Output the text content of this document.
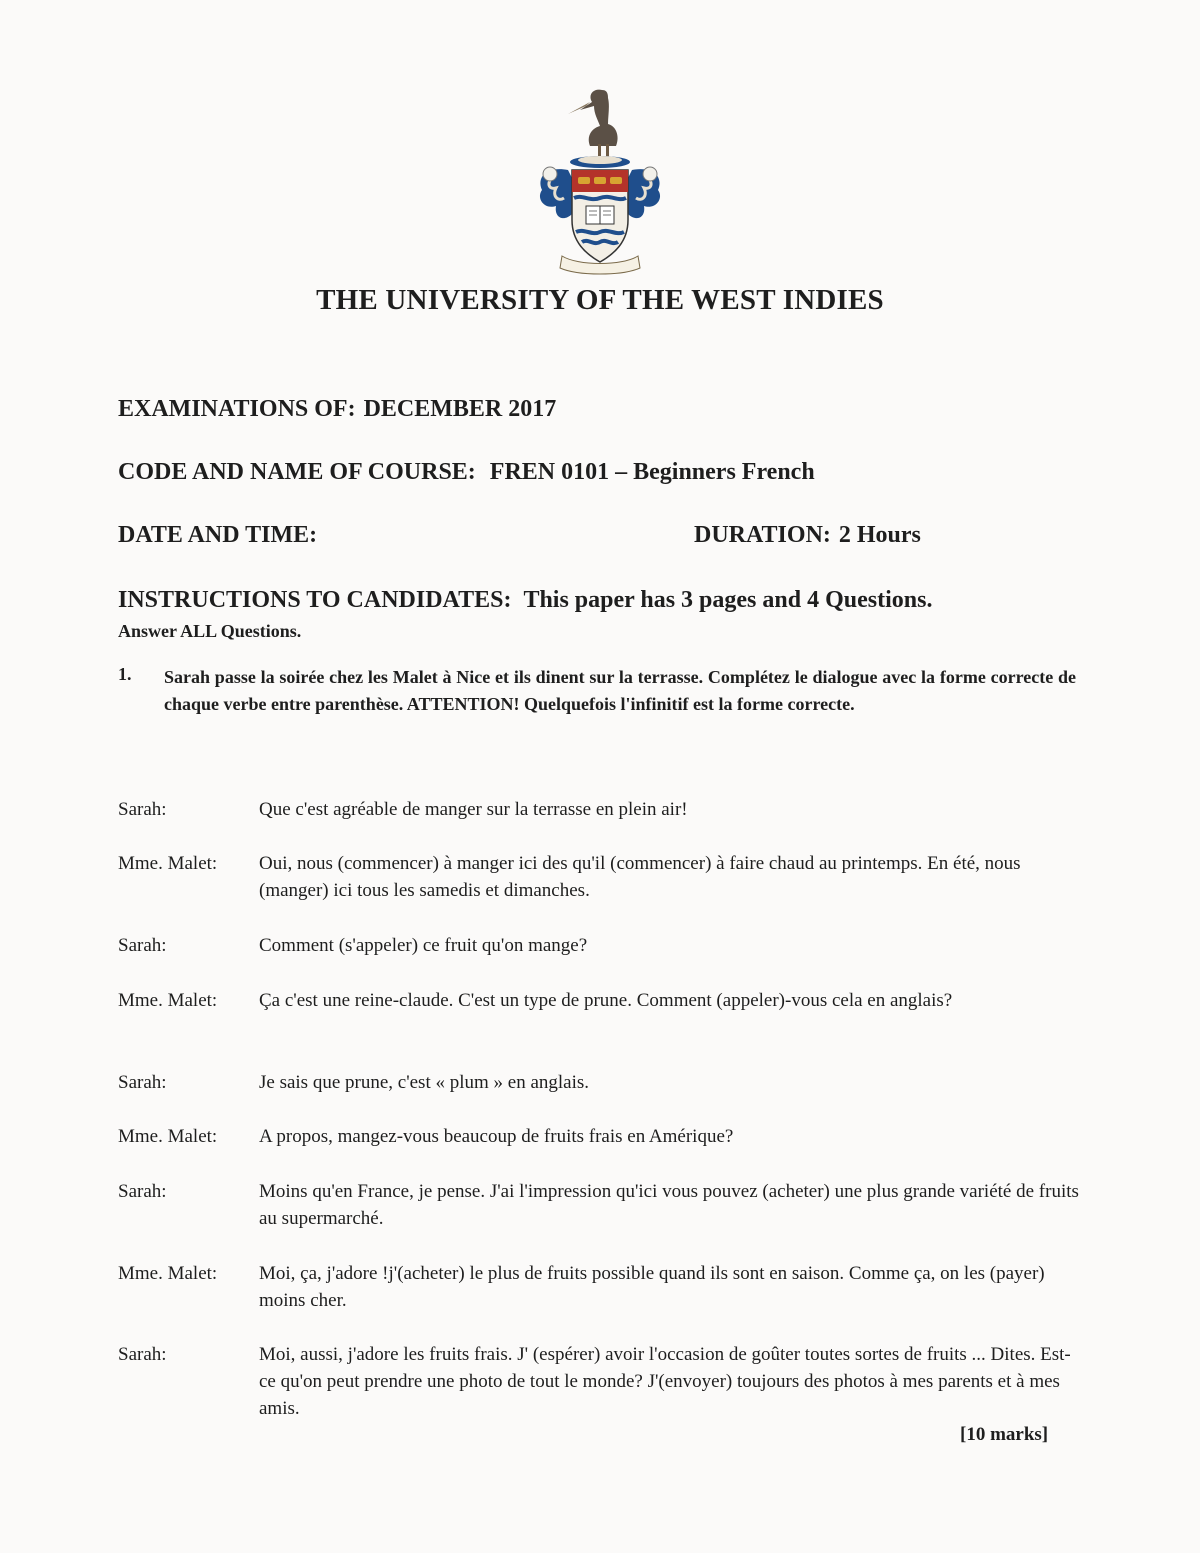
THE UNIVERSITY OF THE WEST INDIES
EXAMINATIONS OF: DECEMBER 2017
CODE AND NAME OF COURSE: FREN 0101 – Beginners French
DATE AND TIME:	DURATION: 2 Hours
INSTRUCTIONS TO CANDIDATES: This paper has 3 pages and 4 Questions.
Answer ALL Questions.
1. Sarah passe la soirée chez les Malet à Nice et ils dinent sur la terrasse. Complétez le dialogue avec la forme correcte de chaque verbe entre parenthèse. ATTENTION! Quelquefois l'infinitif est la forme correcte.
Sarah:	Que c'est agréable de manger sur la terrasse en plein air!
Mme. Malet:	Oui, nous (commencer) à manger ici des qu'il (commencer) à faire chaud au printemps. En été, nous (manger) ici tous les samedis et dimanches.
Sarah:	Comment (s'appeler) ce fruit qu'on mange?
Mme. Malet:	Ça c'est une reine-claude. C'est un type de prune. Comment (appeler)-vous cela en anglais?
Sarah:	Je sais que prune, c'est « plum » en anglais.
Mme. Malet:	A propos, mangez-vous beaucoup de fruits frais en Amérique?
Sarah:	Moins qu'en France, je pense. J'ai l'impression qu'ici vous pouvez (acheter) une plus grande variété de fruits au supermarché.
Mme. Malet:	Moi, ça, j'adore !j'(acheter) le plus de fruits possible quand ils sont en saison. Comme ça, on les (payer) moins cher.
Sarah:	Moi, aussi, j'adore les fruits frais. J' (espérer) avoir l'occasion de goûter toutes sortes de fruits ... Dites. Est-ce qu'on peut prendre une photo de tout le monde? J'(envoyer) toujours des photos à mes parents et à mes amis.
[10 marks]
